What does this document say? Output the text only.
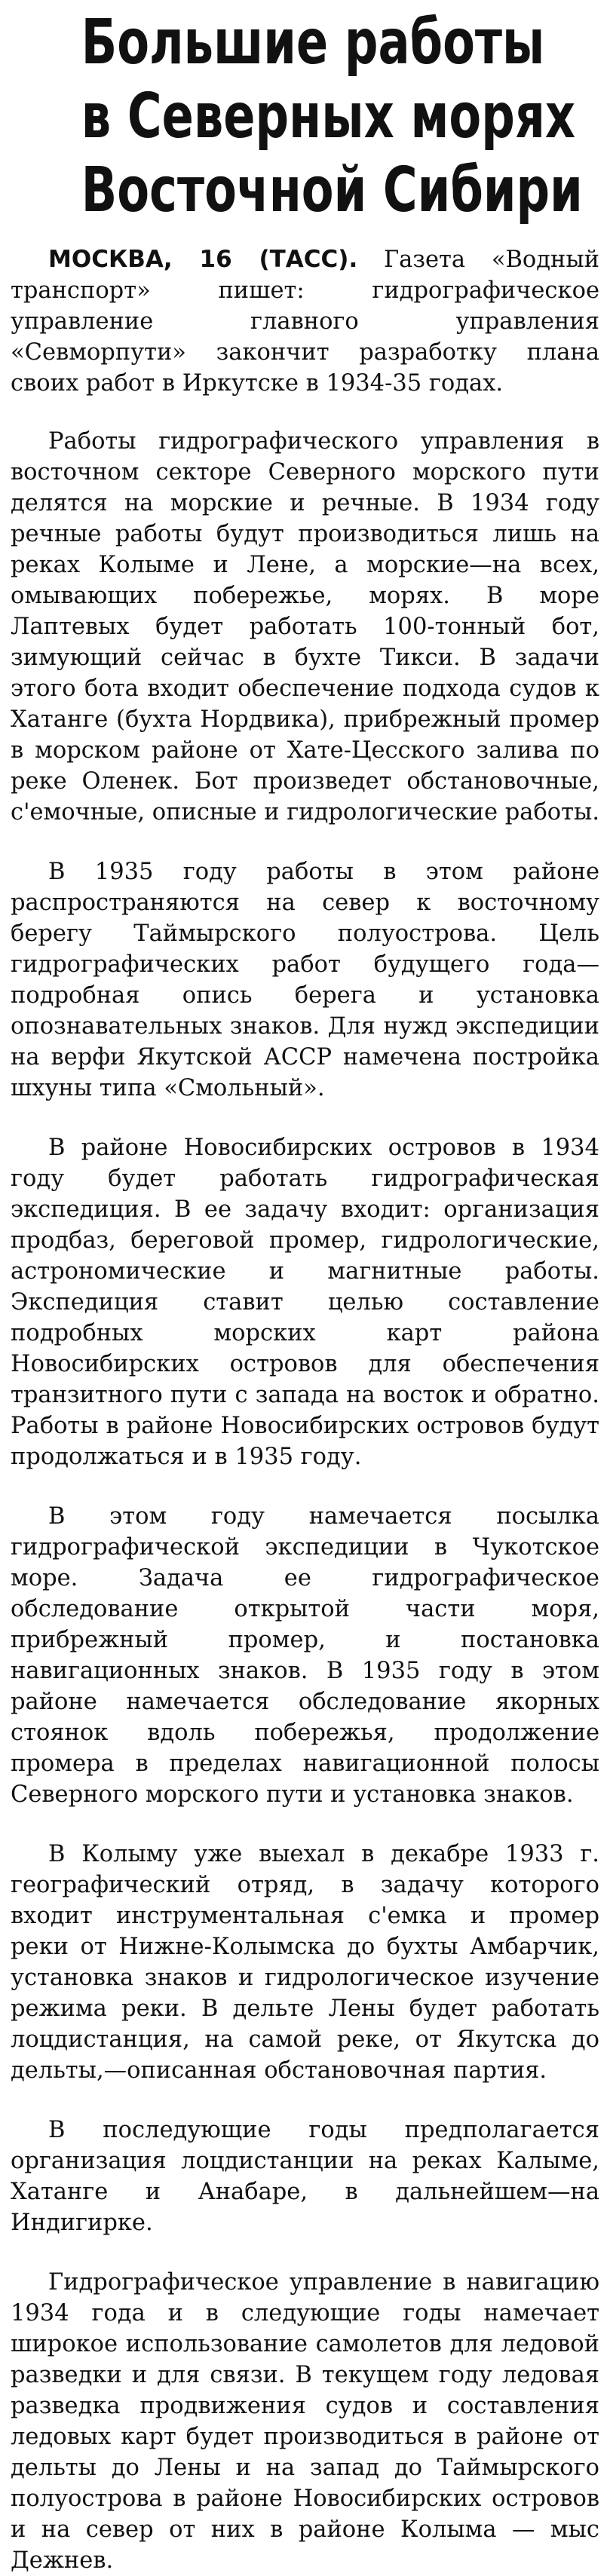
Большие работы
в Северных морях
Восточной Сибири

МОСКВА, 16 (ТАСС). Газета «Водный транспорт» пишет: гидрографическое управление главного управления «Севморпути» закончит разработку плана своих работ в Иркутске в 1934-35 годах.

Работы гидрографического управления в восточном секторе Северного морского пути делятся на морские и речные. В 1934 году речные работы будут производиться лишь на реках Колыме и Лене, а морские—на всех, омывающих побережье, морях. В море Лаптевых будет работать 100-тонный бот, зимующий сейчас в бухте Тикси. В задачи этого бота входит обеспечение подхода судов к Хатанге (бухта Нордвика), прибрежный промер в морском районе от Хате-Цесского залива по реке Оленек. Бот произведет обстановочные, с'емочные, описные и гидрологические работы.

В 1935 году работы в этом районе распространяются на север к восточному берегу Таймырского полуострова. Цель гидрографических работ будущего года—подробная опись берега и установка опознавательных знаков. Для нужд экспедиции на верфи Якутской АССР намечена постройка шхуны типа «Смольный».

В районе Новосибирских островов в 1934 году будет работать гидрографическая экспедиция. В ее задачу входит: организация продбаз, береговой промер, гидрологические, астрономические и магнитные работы. Экспедиция ставит целью составление подробных морских карт района Новосибирских островов для обеспечения транзитного пути с запада на восток и обратно. Работы в районе Новосибирских островов будут продолжаться и в 1935 году.

В этом году намечается посылка гидрографической экспедиции в Чукотское море. Задача ее гидрографическое обследование открытой части моря, прибрежный промер, и постановка навигационных знаков. В 1935 году в этом районе намечается обследование якорных стоянок вдоль побережья, продолжение промера в пределах навигационной полосы Северного морского пути и установка знаков.

В Колыму уже выехал в декабре 1933 г. географический отряд, в задачу которого входит инструментальная с'емка и промер реки от Нижне-Колымска до бухты Амбарчик, установка знаков и гидрологическое изучение режима реки. В дельте Лены будет работать лоцдистанция, на самой реке, от Якутска до дельты,—описанная обстановочная партия.

В последующие годы предполагается организация лоцдистанции на реках Калыме, Хатанге и Анабаре, в дальнейшем—на Индигирке.

Гидрографическое управление в навигацию 1934 года и в следующие годы намечает широкое использование самолетов для ледовой разведки и для связи. В текущем году ледовая разведка продвижения судов и составления ледовых карт будет производиться в районе от дельты до Лены и на запад до Таймырского полуострова в районе Новосибирских островов и на север от них в районе Колыма — мыс Дежнев.
